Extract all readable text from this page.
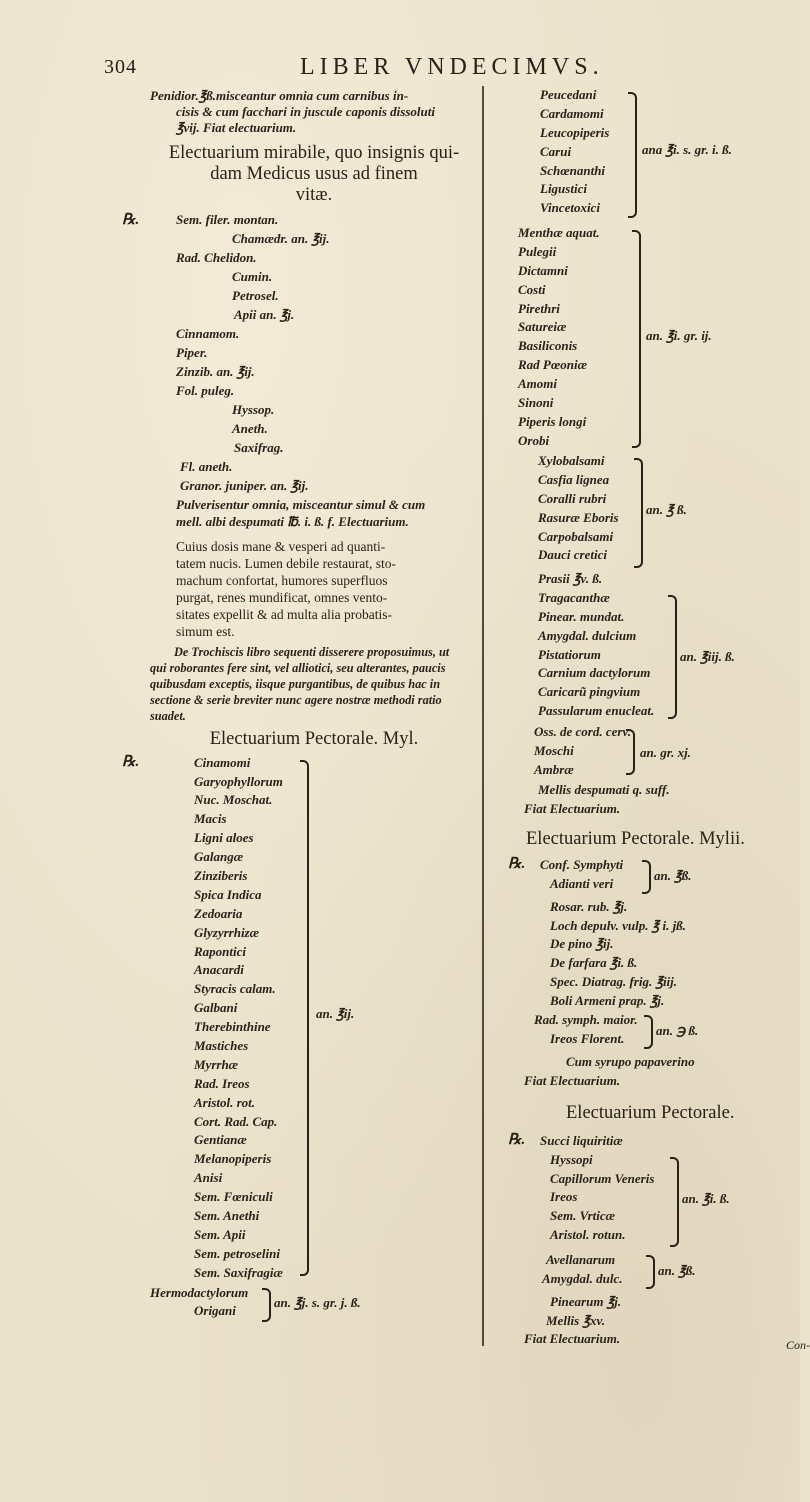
304	LIBER VNDECIMVS.
Penidior.℥ß.misceantur omnia cum carnibus in-
cisis & cum facchari in juscule caponis dissoluti
℥vij. Fiat electuarium.
Electuarium mirabile, quo insignis qui-
dam Medicus usus ad finem
vitæ.
℞.	Sem. filer. montan.
Chamædr. an. ℥ij.
Rad. Chelidon.
Cumin.
Petrosel.
Apii an. ℥j.
Cinnamom.
Piper.
Zinzib. an. ℥ij.
Fol. puleg.
Hyssop.
Aneth.
Saxifrag.
Fl. aneth.
Granor. juniper. an. ℥ij.
Pulverisentur omnia, misceantur simul & cum
mell. albi despumati ℔. i. ß. f. Electuarium.
Cuius dosis mane & vesperi ad quanti-
tatem nucis. Lumen debile restaurat, sto-
machum confortat, humores superfluos
purgat, renes mundificat, omnes vento-
sitates expellit & ad multa alia probatis-
simum est.
De Trochiscis libro sequenti disserere proposuimus, ut
qui roborantes fere sint, vel alliotici, seu alterantes, paucis
quibusdam exceptis, iisque purgantibus, de quibus hac in
sectione & serie breviter nunc agere nostræ methodi ratio
suadet.
Electuarium Pectorale. Myl.
℞.	Cinamomi
Garyophyllorum
Nuc. Moschat.
Macis
Ligni aloes
Galangæ
Zinziberis
Spica Indica
Zedoaria
Glyzyrrhizæ
Rapontici
Anacardi
Styracis calam.
Galbani
Therebinthine
Mastiches
Myrrhæ
Rad. Ireos
Aristol. rot.
Cort. Rad. Cap.
Gentianæ
Melanopiperis
Anisi
Sem. Fœniculi
Sem. Anethi
Sem. Apii
Sem. petroselini
Sem. Saxifragiæ
an. ℥ij.
Hermodactylorum
Origani
an. ℥j. s. gr. j. ß.
Peucedani
Cardamomi
Leucopiperis
Carui
Schœnanthi
Ligustici
Vincetoxici
ana ℥i. s. gr. i. ß.
Menthæ aquat.
Pulegii
Dictamni
Costi
Pirethri
Satureiæ
Basiliconis
Rad Pœoniæ
Amomi
Sinoni
Piperis longi
Orobi
an. ℥i. gr. ij.
Xylobalsami
Casfia lignea
Coralli rubri
Rasuræ Eboris
Carpobalsami
Dauci cretici
an. ℥ ß.
Prasii ℥v. ß.
Tragacanthæ
Pinear. mundat.
Amygdal. dulcium
Pistatiorum
Carnium dactylorum
Caricarũ pingvium
Passularum enucleat.
an. ℥iij. ß.
Oss. de cord. cerv.
Moschi
Ambræ
an. gr. xj.
Mellis despumati q. suff.
Fiat Electuarium.
Electuarium Pectorale. Mylii.
℞. Conf. Symphyti
Adianti veri
an. ℥ß.
Rosar. rub. ℥j.
Loch depulv. vulp. ℥ i. jß.
De pino ℥ij.
De farfara ℥i. ß.
Spec. Diatrag. frig. ℥iij.
Boli Armeni prap. ℥j.
Rad. symph. maior.
Ireos Florent.
an. ℈ ß.
Cum syrupo papaverino
Fiat Electuarium.
Electuarium Pectorale.
℞.	Succi liquiritiæ
Hyssopi
Capillorum Veneris
Ireos
Sem. Vrticæ
Aristol. rotun.
an. ℥i. ß.
Avellanarum
Amygdal. dulc.
an. ℥ß.
Pinearum ℥j.
Mellis ℥xv.
Fiat Electuarium.	Con-
